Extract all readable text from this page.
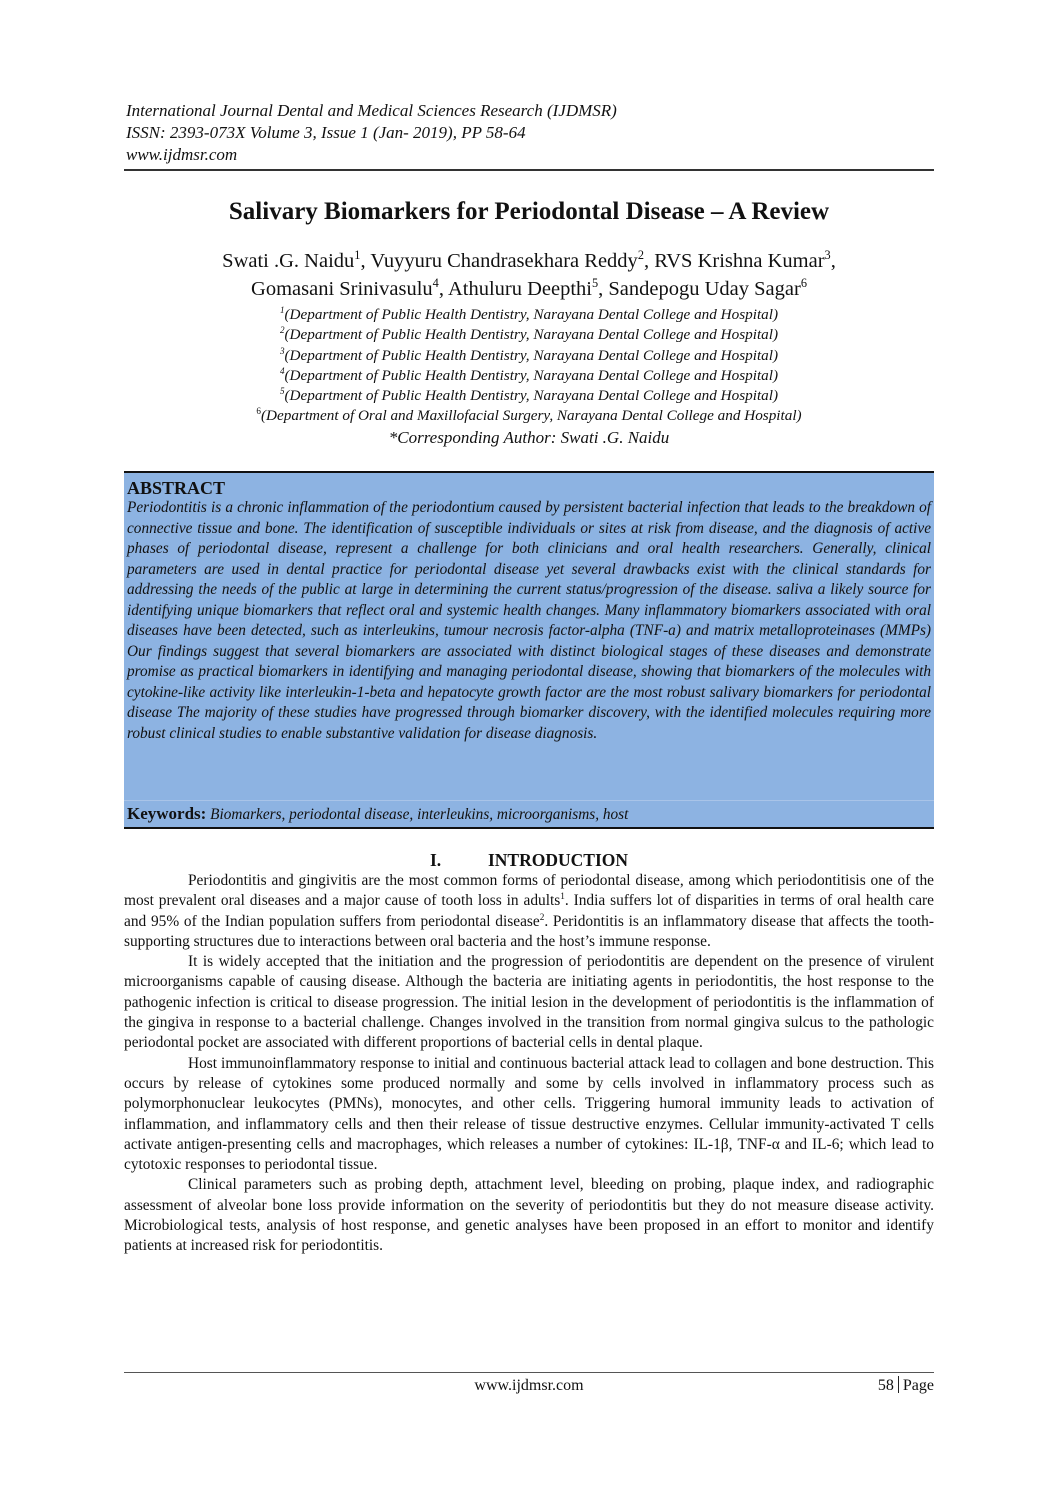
International Journal Dental and Medical Sciences Research (IJDMSR)
ISSN: 2393-073X Volume 3, Issue 1 (Jan- 2019), PP 58-64
www.ijdmsr.com
Salivary Biomarkers for Periodontal Disease – A Review
Swati .G. Naidu$^1$, Vuyyuru Chandrasekhara Reddy$^2$, RVS Krishna Kumar$^3$,
Gomasani Srinivasulu$^4$, Athuluru Deepthi$^5$, Sandepogu Uday Sagar$^6$
$^1$(Department of Public Health Dentistry, Narayana Dental College and Hospital)
$^2$(Department of Public Health Dentistry, Narayana Dental College and Hospital)
$^3$(Department of Public Health Dentistry, Narayana Dental College and Hospital)
$^4$(Department of Public Health Dentistry, Narayana Dental College and Hospital)
$^5$(Department of Public Health Dentistry, Narayana Dental College and Hospital)
$^6$(Department of Oral and Maxillofacial Surgery, Narayana Dental College and Hospital)
*Corresponding Author: Swati .G. Naidu
ABSTRACT
Periodontitis is a chronic inflammation of the periodontium caused by persistent bacterial infection that leads to the breakdown of connective tissue and bone. The identification of susceptible individuals or sites at risk from disease, and the diagnosis of active phases of periodontal disease, represent a challenge for both clinicians and oral health researchers. Generally, clinical parameters are used in dental practice for periodontal disease yet several drawbacks exist with the clinical standards for addressing the needs of the public at large in determining the current status/progression of the disease. saliva a likely source for identifying unique biomarkers that reflect oral and systemic health changes. Many inflammatory biomarkers associated with oral diseases have been detected, such as interleukins, tumour necrosis factor-alpha (TNF-a) and matrix metalloproteinases (MMPs) Our findings suggest that several biomarkers are associated with distinct biological stages of these diseases and demonstrate promise as practical biomarkers in identifying and managing periodontal disease, showing that biomarkers of the molecules with cytokine-like activity like interleukin-1-beta and hepatocyte growth factor are the most robust salivary biomarkers for periodontal disease The majority of these studies have progressed through biomarker discovery, with the identified molecules requiring more robust clinical studies to enable substantive validation for disease diagnosis.
Keywords: Biomarkers, periodontal disease, interleukins, microorganisms, host
I.	INTRODUCTION

Periodontitis and gingivitis are the most common forms of periodontal disease, among which periodontitisis one of the most prevalent oral diseases and a major cause of tooth loss in adults$^1$. India suffers lot of disparities in terms of oral health care and 95% of the Indian population suffers from periodontal disease$^2$. Peridontitis is an inflammatory disease that affects the tooth-supporting structures due to interactions between oral bacteria and the host’s immune response.

It is widely accepted that the initiation and the progression of periodontitis are dependent on the presence of virulent microorganisms capable of causing disease. Although the bacteria are initiating agents in periodontitis, the host response to the pathogenic infection is critical to disease progression. The initial lesion in the development of periodontitis is the inflammation of the gingiva in response to a bacterial challenge. Changes involved in the transition from normal gingiva sulcus to the pathologic periodontal pocket are associated with different proportions of bacterial cells in dental plaque.

Host immunoinflammatory response to initial and continuous bacterial attack lead to collagen and bone destruction. This occurs by release of cytokines some produced normally and some by cells involved in inflammatory process such as polymorphonuclear leukocytes (PMNs), monocytes, and other cells. Triggering humoral immunity leads to activation of inflammation, and inflammatory cells and then their release of tissue destructive enzymes. Cellular immunity-activated T cells activate antigen-presenting cells and macrophages, which releases a number of cytokines: IL-1β, TNF-α and IL-6; which lead to cytotoxic responses to periodontal tissue.

Clinical parameters such as probing depth, attachment level, bleeding on probing, plaque index, and radiographic assessment of alveolar bone loss provide information on the severity of periodontitis but they do not measure disease activity. Microbiological tests, analysis of host response, and genetic analyses have been proposed in an effort to monitor and identify patients at increased risk for periodontitis.

www.ijdmsr.com	58 Page
